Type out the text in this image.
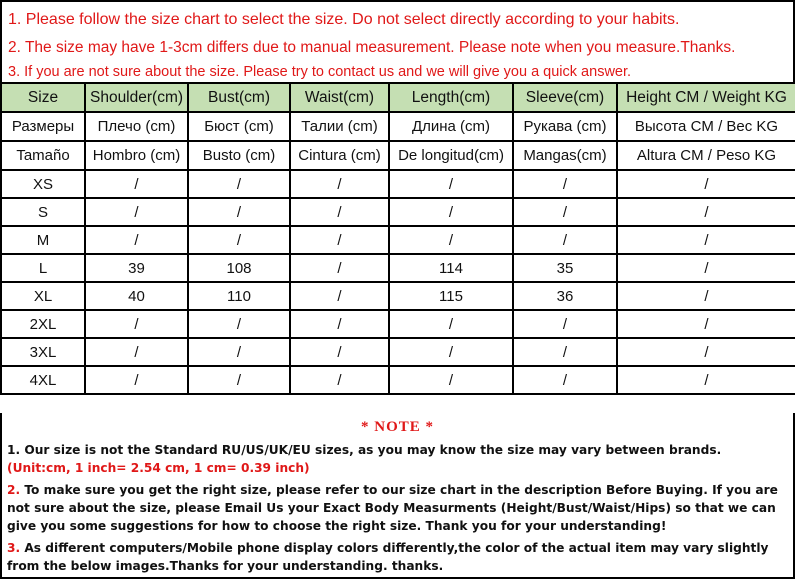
1. Please follow the size chart to select the size. Do not select directly according to your habits.
2. The size may have 1-3cm differs due to manual measurement. Please note when you measure.Thanks.
3. If you are not sure about the size. Please try to contact us and we will give you a quick answer.
Size	Shoulder(cm)	Bust(cm)	Waist(cm)	Length(cm)	Sleeve(cm)	Height CM / Weight KG
Размеры	Плечо (cm)	Бюст (cm)	Талии (cm)	Длина (cm)	Рукава (cm)	Высота CM / Вес KG
Tamaño	Hombro (cm)	Busto (cm)	Cintura (cm)	De longitud(cm)	Mangas(cm)	Altura CM / Peso KG
XS	/	/	/	/	/	/
S	/	/	/	/	/	/
M	/	/	/	/	/	/
L	39	108	/	114	35	/
XL	40	110	/	115	36	/
2XL	/	/	/	/	/	/
3XL	/	/	/	/	/	/
4XL	/	/	/	/	/	/
* NOTE *
1. Our size is not the Standard RU/US/UK/EU sizes, as you may know the size may vary between brands.
(Unit:cm, 1 inch= 2.54 cm, 1 cm= 0.39 inch)
2. To make sure you get the right size, please refer to our size chart in the description Before Buying. If you are not sure about the size, please Email Us your Exact Body Measurments (Height/Bust/Waist/Hips) so that we can give you some suggestions for how to choose the right size. Thank you for your understanding!
3. As different computers/Mobile phone display colors differently,the color of the actual item may vary slightly from the below images.Thanks for your understanding. thanks.
